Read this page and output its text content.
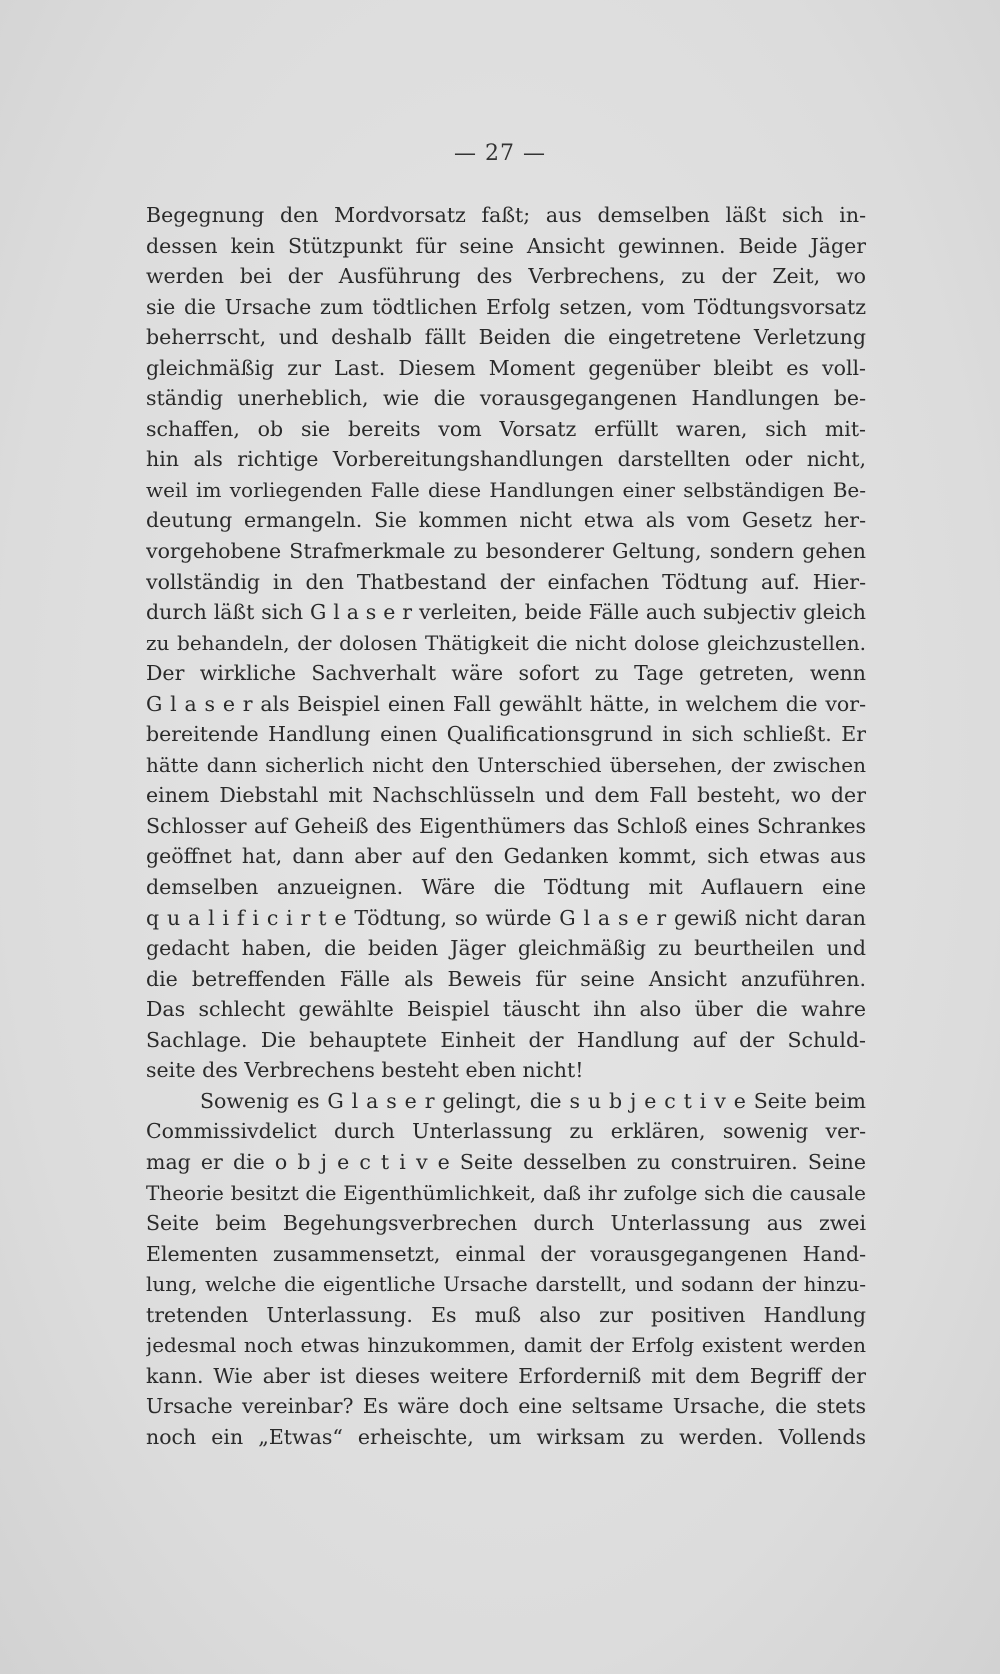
— 27 —
Begegnung den Mordvorsatz faßt; aus demselben läßt sich in-
dessen kein Stützpunkt für seine Ansicht gewinnen. Beide Jäger
werden bei der Ausführung des Verbrechens, zu der Zeit, wo
sie die Ursache zum tödtlichen Erfolg setzen, vom Tödtungsvorsatz
beherrscht, und deshalb fällt Beiden die eingetretene Verletzung
gleichmäßig zur Last. Diesem Moment gegenüber bleibt es voll-
ständig unerheblich, wie die vorausgegangenen Handlungen be-
schaffen, ob sie bereits vom Vorsatz erfüllt waren, sich mit-
hin als richtige Vorbereitungshandlungen darstellten oder nicht,
weil im vorliegenden Falle diese Handlungen einer selbständigen Be-
deutung ermangeln. Sie kommen nicht etwa als vom Gesetz her-
vorgehobene Strafmerkmale zu besonderer Geltung, sondern gehen
vollständig in den Thatbestand der einfachen Tödtung auf. Hier-
durch läßt sich G l a s e r verleiten, beide Fälle auch subjectiv gleich
zu behandeln, der dolosen Thätigkeit die nicht dolose gleichzustellen.
Der wirkliche Sachverhalt wäre sofort zu Tage getreten, wenn
G l a s e r als Beispiel einen Fall gewählt hätte, in welchem die vor-
bereitende Handlung einen Qualificationsgrund in sich schließt. Er
hätte dann sicherlich nicht den Unterschied übersehen, der zwischen
einem Diebstahl mit Nachschlüsseln und dem Fall besteht, wo der
Schlosser auf Geheiß des Eigenthümers das Schloß eines Schrankes
geöffnet hat, dann aber auf den Gedanken kommt, sich etwas aus
demselben anzueignen. Wäre die Tödtung mit Auflauern eine
q u a l i f i c i r t e Tödtung, so würde G l a s e r gewiß nicht daran
gedacht haben, die beiden Jäger gleichmäßig zu beurtheilen und
die betreffenden Fälle als Beweis für seine Ansicht anzuführen.
Das schlecht gewählte Beispiel täuscht ihn also über die wahre
Sachlage. Die behauptete Einheit der Handlung auf der Schuld-
seite des Verbrechens besteht eben nicht!
Sowenig es G l a s e r gelingt, die s u b j e c t i v e Seite beim
Commissivdelict durch Unterlassung zu erklären, sowenig ver-
mag er die o b j e c t i v e Seite desselben zu construiren. Seine
Theorie besitzt die Eigenthümlichkeit, daß ihr zufolge sich die causale
Seite beim Begehungsverbrechen durch Unterlassung aus zwei
Elementen zusammensetzt, einmal der vorausgegangenen Hand-
lung, welche die eigentliche Ursache darstellt, und sodann der hinzu-
tretenden Unterlassung. Es muß also zur positiven Handlung
jedesmal noch etwas hinzukommen, damit der Erfolg existent werden
kann. Wie aber ist dieses weitere Erforderniß mit dem Begriff der
Ursache vereinbar? Es wäre doch eine seltsame Ursache, die stets
noch ein „Etwas“ erheischte, um wirksam zu werden. Vollends
